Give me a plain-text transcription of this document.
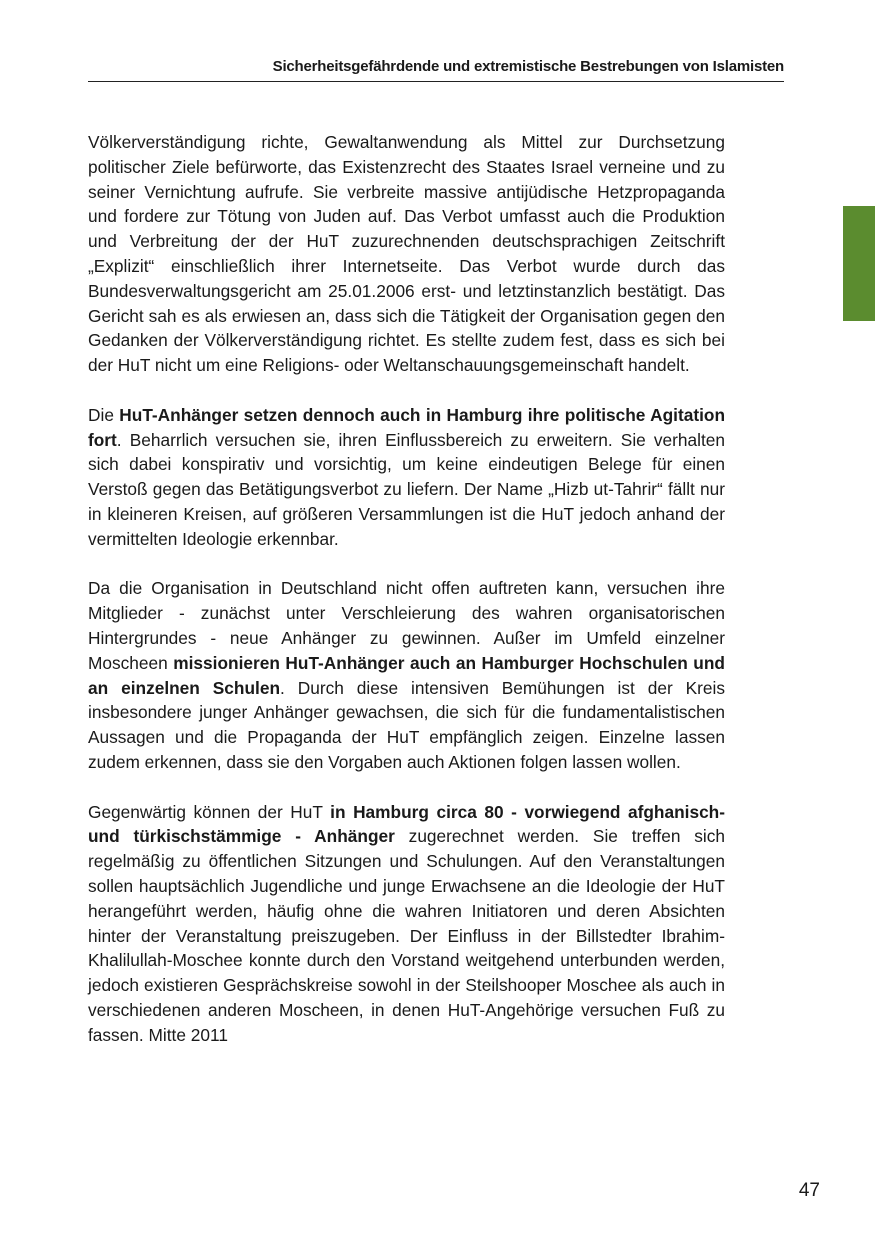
Sicherheitsgefährdende und extremistische Bestrebungen von Islamisten

Völkerverständigung richte, Gewaltanwendung als Mittel zur Durchsetzung politischer Ziele befürworte, das Existenzrecht des Staates Israel verneine und zu seiner Vernichtung aufrufe. Sie verbreite massive antijüdische Hetzpropaganda und fordere zur Tötung von Juden auf. Das Verbot umfasst auch die Produktion und Verbreitung der der HuT zuzurechnenden deutschsprachigen Zeitschrift „Explizit“ einschließlich ihrer Internetseite. Das Verbot wurde durch das Bundesverwaltungsgericht am 25.01.2006 erst- und letztinstanzlich bestätigt. Das Gericht sah es als erwiesen an, dass sich die Tätigkeit der Organisation gegen den Gedanken der Völkerverständigung richtet. Es stellte zudem fest, dass es sich bei der HuT nicht um eine Religions- oder Weltanschauungsgemeinschaft handelt.

Die HuT-Anhänger setzen dennoch auch in Hamburg ihre politische Agitation fort. Beharrlich versuchen sie, ihren Einflussbereich zu erweitern. Sie verhalten sich dabei konspirativ und vorsichtig, um keine eindeutigen Belege für einen Verstoß gegen das Betätigungsverbot zu liefern. Der Name „Hizb ut-Tahrir“ fällt nur in kleineren Kreisen, auf größeren Versammlungen ist die HuT jedoch anhand der vermittelten Ideologie erkennbar.

Da die Organisation in Deutschland nicht offen auftreten kann, versuchen ihre Mitglieder - zunächst unter Verschleierung des wahren organisatorischen Hintergrundes - neue Anhänger zu gewinnen. Außer im Umfeld einzelner Moscheen missionieren HuT-Anhänger auch an Hamburger Hochschulen und an einzelnen Schulen. Durch diese intensiven Bemühungen ist der Kreis insbesondere junger Anhänger gewachsen, die sich für die fundamentalistischen Aussagen und die Propaganda der HuT empfänglich zeigen. Einzelne lassen zudem erkennen, dass sie den Vorgaben auch Aktionen folgen lassen wollen.

Gegenwärtig können der HuT in Hamburg circa 80 - vorwiegend afghanisch- und türkischstämmige - Anhänger zugerechnet werden. Sie treffen sich regelmäßig zu öffentlichen Sitzungen und Schulungen. Auf den Veranstaltungen sollen hauptsächlich Jugendliche und junge Erwachsene an die Ideologie der HuT herangeführt werden, häufig ohne die wahren Initiatoren und deren Absichten hinter der Veranstaltung preiszugeben. Der Einfluss in der Billstedter Ibrahim-Khalilullah-Moschee konnte durch den Vorstand weitgehend unterbunden werden, jedoch existieren Gesprächskreise sowohl in der Steilshooper Moschee als auch in verschiedenen anderen Moscheen, in denen HuT-Angehörige versuchen Fuß zu fassen. Mitte 2011

47
